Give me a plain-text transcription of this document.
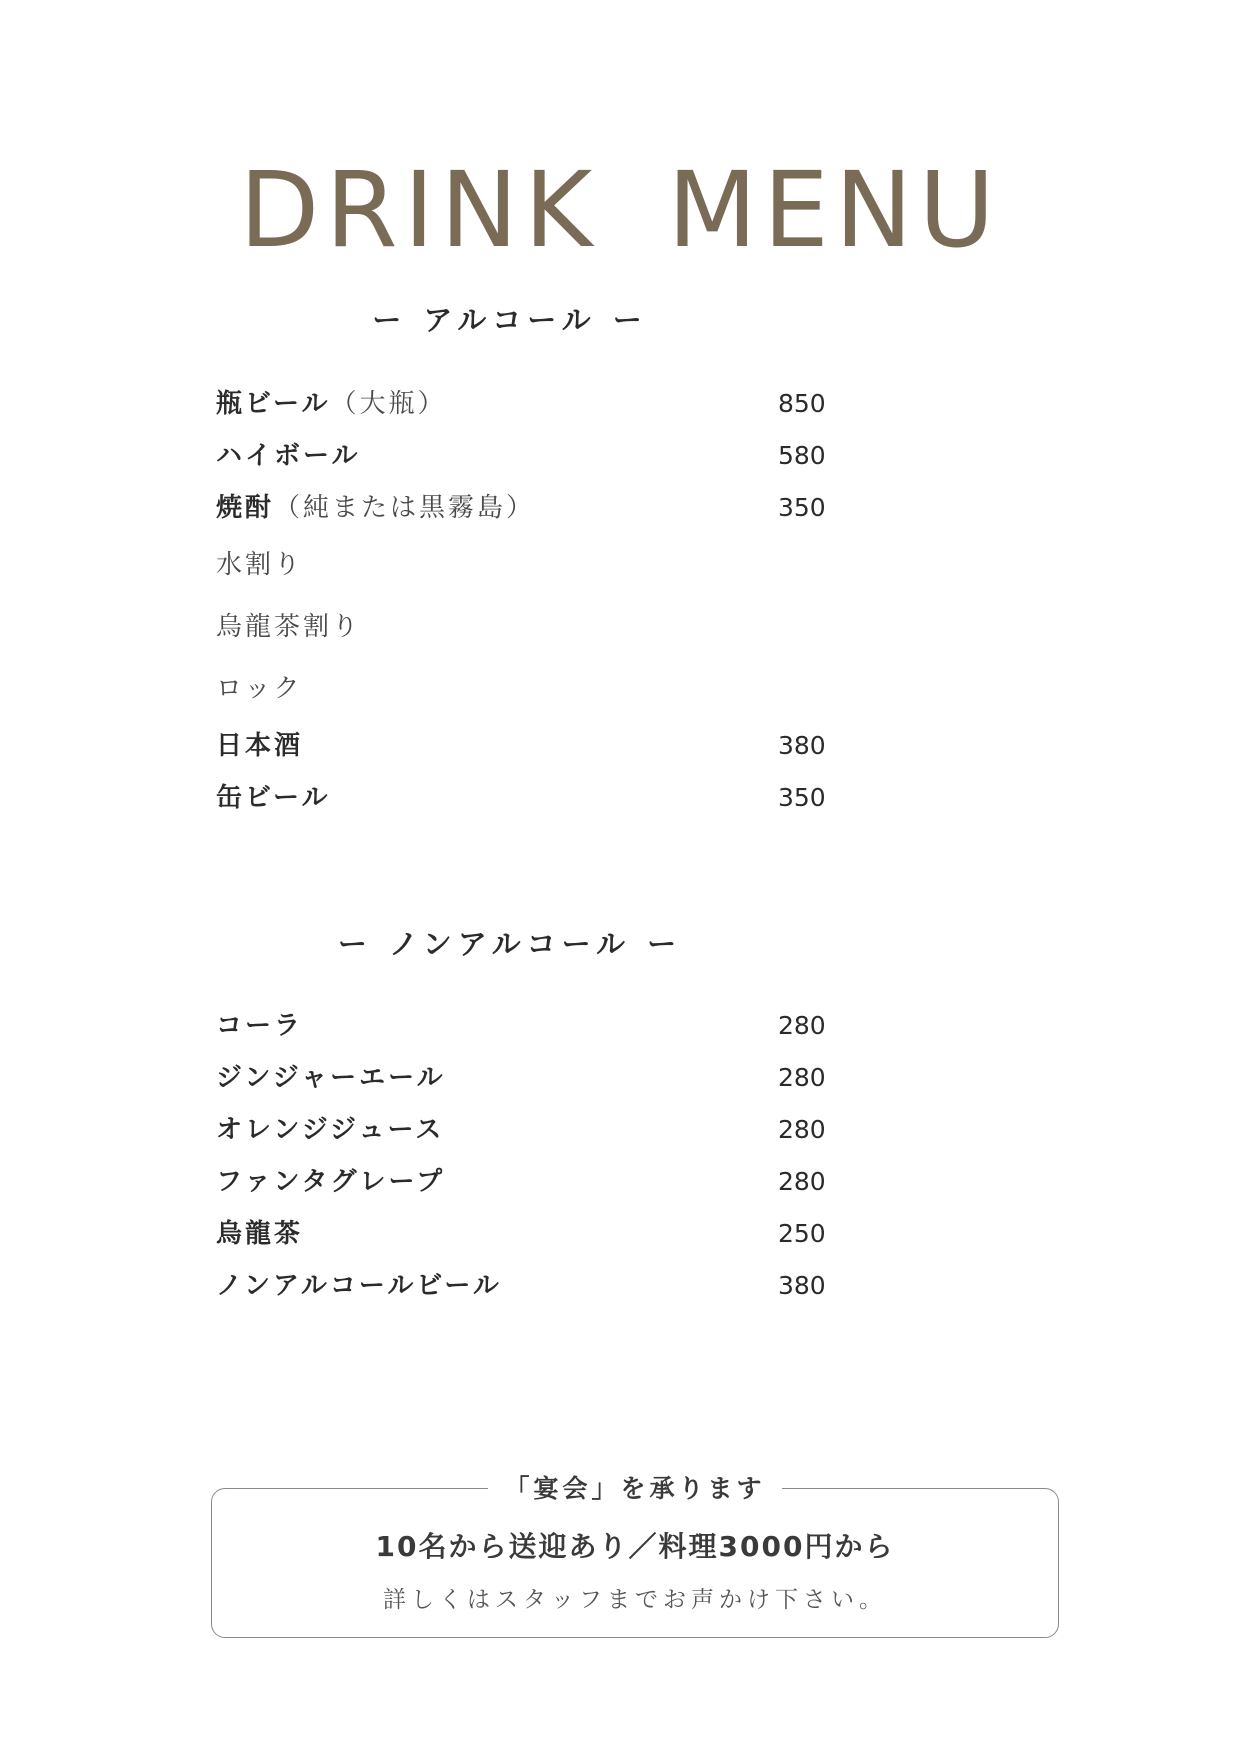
DRINK MENU
ー アルコール ー
瓶ビール（大瓶）	850
ハイボール	580
焼酎（純または黒霧島）	350
水割り
烏龍茶割り
ロック
日本酒	380
缶ビール	350
ー ノンアルコール ー
コーラ	280
ジンジャーエール	280
オレンジジュース	280
ファンタグレープ	280
烏龍茶	250
ノンアルコールビール	380
「宴会」を承ります
10名から送迎あり／料理3000円から
詳しくはスタッフまでお声かけ下さい。
